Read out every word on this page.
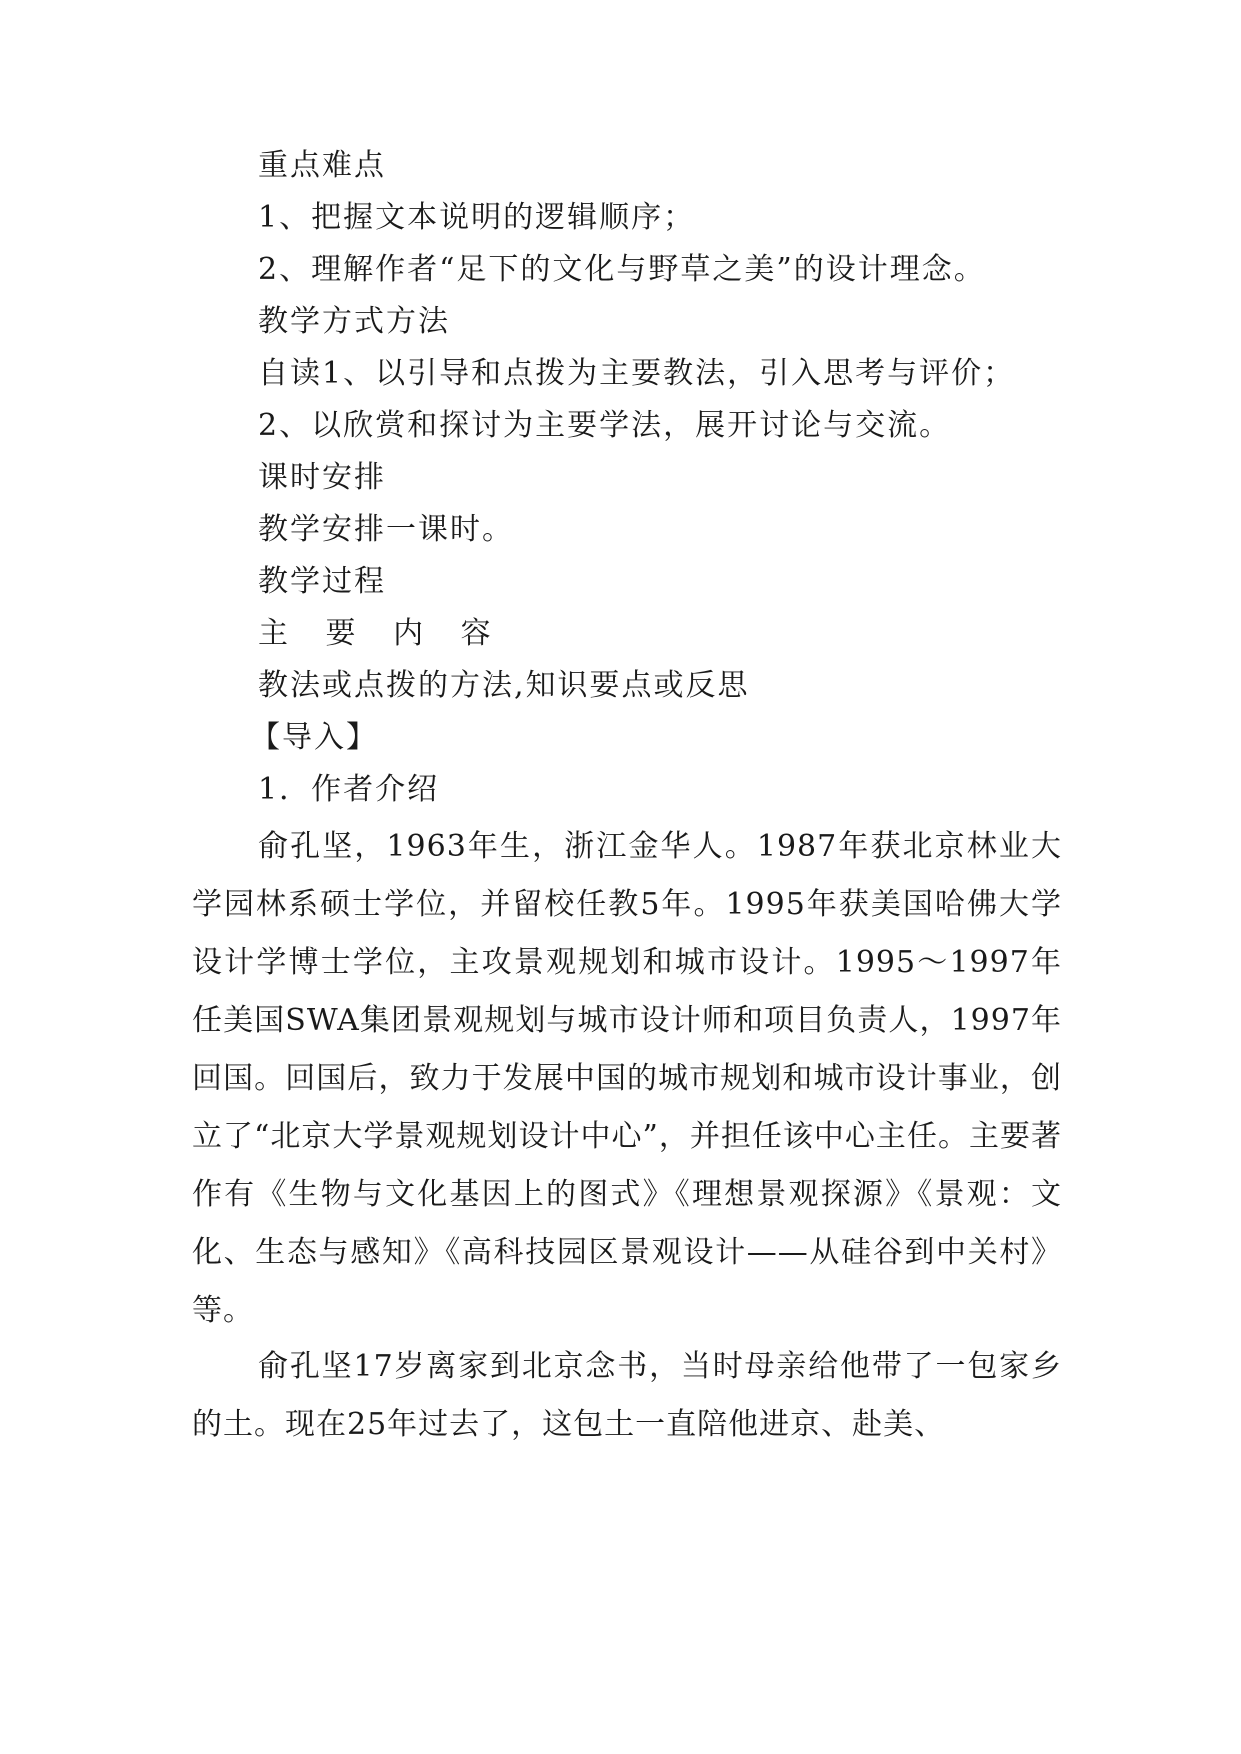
重点难点
1、把握文本说明的逻辑顺序；
2、理解作者“足下的文化与野草之美”的设计理念。
教学方式方法
自读1、以引导和点拨为主要教法，引入思考与评价；
2、以欣赏和探讨为主要学法，展开讨论与交流。
课时安排
教学安排一课时。
教学过程
主 要 内 容
教法或点拨的方法,知识要点或反思
【导入】
1．作者介绍
俞孔坚，1963年生，浙江金华人。1987年获北京林业大学园林系硕士学位，并留校任教5年。1995年获美国哈佛大学设计学博士学位，主攻景观规划和城市设计。1995～1997年任美国SWA集团景观规划与城市设计师和项目负责人，1997年回国。回国后，致力于发展中国的城市规划和城市设计事业，创立了“北京大学景观规划设计中心”，并担任该中心主任。主要著作有《生物与文化基因上的图式》《理想景观探源》《景观：文化、生态与感知》《高科技园区景观设计——从硅谷到中关村》等。
俞孔坚17岁离家到北京念书，当时母亲给他带了一包家乡的土。现在25年过去了，这包土一直陪他进京、赴美、
